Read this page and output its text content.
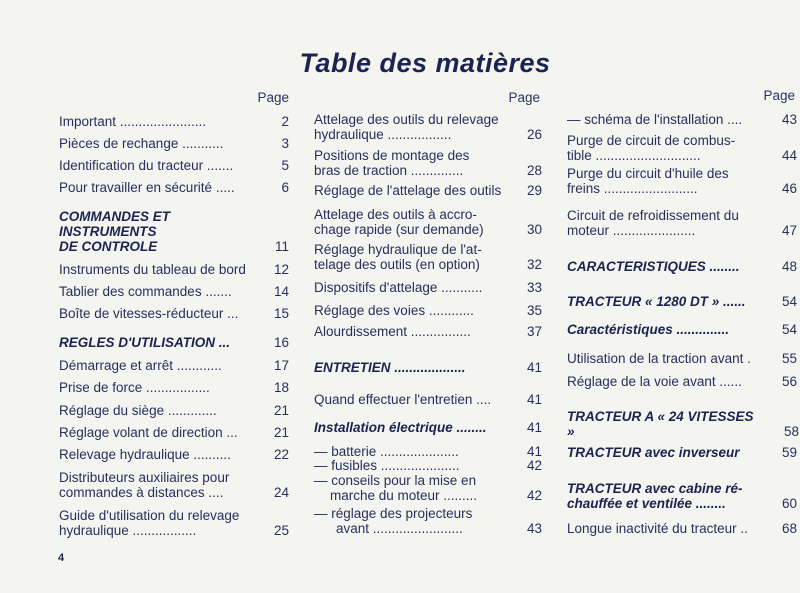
Table des matières
Page
Important .......................	2
Pièces de rechange ...........	3
Identification du tracteur .......	5
Pour travailler en sécurité .....	6
COMMANDES ET
INSTRUMENTS
DE CONTROLE	11
Instruments du tableau de bord	12
Tablier des commandes .......	14
Boîte de vitesses-réducteur ...	15
REGLES D'UTILISATION ...	16
Démarrage et arrêt ............	17
Prise de force .................	18
Réglage du siège .............	21
Réglage volant de direction ...	21
Relevage hydraulique ..........	22
Distributeurs auxiliaires pour
commandes à distances ....	24
Guide d'utilisation du relevage
hydraulique .................	25
Page
Attelage des outils du relevage
hydraulique .................	26
Positions de montage des
bras de traction ..............	28
Réglage de l'attelage des outils	29
Attelage des outils à accro-
chage rapide (sur demande)	30
Réglage hydraulique de l'at-
telage des outils (en option)	32
Dispositifs d'attelage ...........	33
Réglage des voies ............	35
Alourdissement ................	37
ENTRETIEN ...................	41
Quand effectuer l'entretien ....	41
Installation électrique ........	41
— batterie .....................	41
— fusibles .....................	42
— conseils pour la mise en
marche du moteur .........	42
— réglage des projecteurs
avant ........................	43
Page
— schéma de l'installation ....	43
Purge de circuit de combus-
tible ............................	44
Purge du circuit d'huile des
freins .........................	46
Circuit de refroidissement du
moteur ......................	47
CARACTERISTIQUES ........	48
TRACTEUR « 1280 DT » ......	54
Caractéristiques ..............	54
Utilisation de la traction avant .	55
Réglage de la voie avant ......	56
TRACTEUR A « 24 VITESSES »	58
TRACTEUR avec inverseur	59
TRACTEUR avec cabine ré-
chauffée et ventilée ........	60
Longue inactivité du tracteur ..	68
4
